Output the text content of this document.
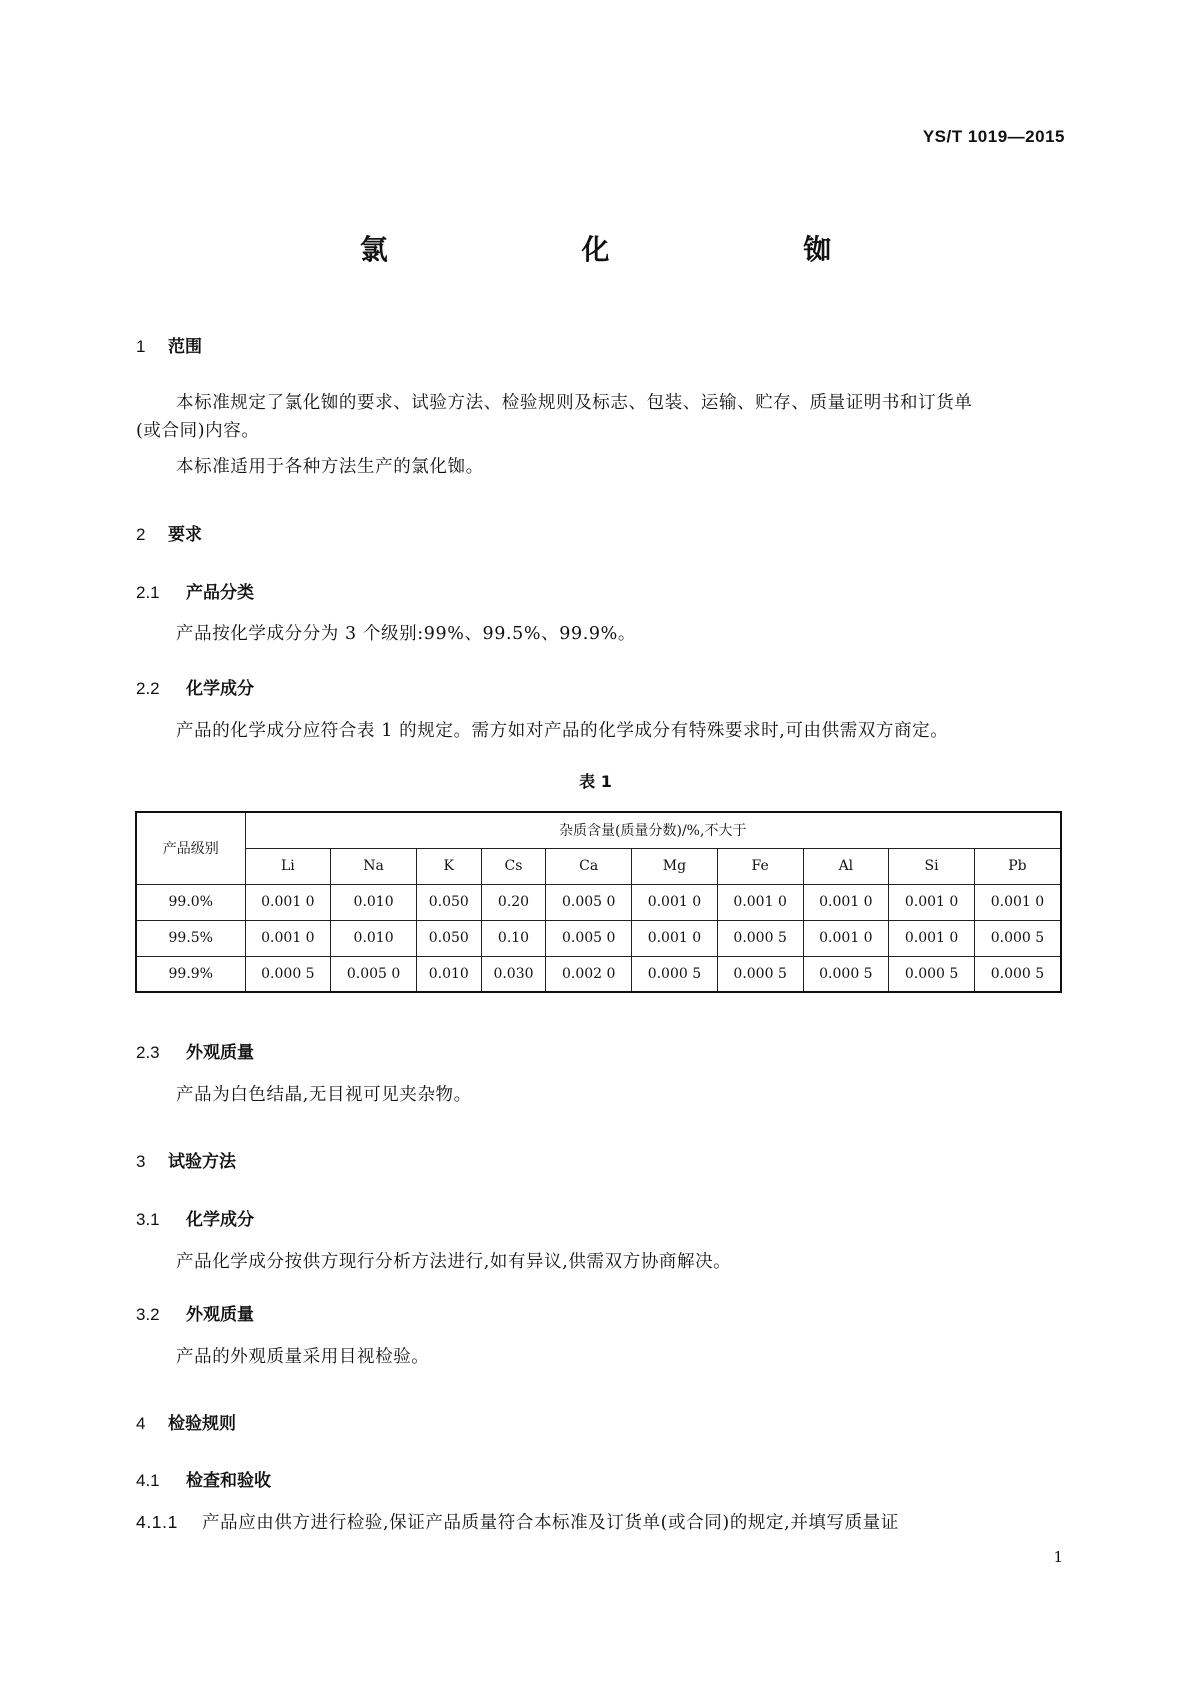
YS/T 1019—2015
氯 化 铷
1 范围
本标准规定了氯化铷的要求、试验方法、检验规则及标志、包装、运输、贮存、质量证明书和订货单
(或合同)内容。
本标准适用于各种方法生产的氯化铷。
2 要求
2.1 产品分类
产品按化学成分分为 3 个级别:99%、99.5%、99.9%。
2.2 化学成分
产品的化学成分应符合表 1 的规定。需方如对产品的化学成分有特殊要求时,可由供需双方商定。
表 1
产品级别	杂质含量(质量分数)/%,不大于									
	Li	Na	K	Cs	Ca	Mg	Fe	Al	Si	Pb
99.0%	0.001 0	0.010	0.050	0.20	0.005 0	0.001 0	0.001 0	0.001 0	0.001 0	0.001 0
99.5%	0.001 0	0.010	0.050	0.10	0.005 0	0.001 0	0.000 5	0.001 0	0.001 0	0.000 5
99.9%	0.000 5	0.005 0	0.010	0.030	0.002 0	0.000 5	0.000 5	0.000 5	0.000 5	0.000 5
2.3 外观质量
产品为白色结晶,无目视可见夹杂物。
3 试验方法
3.1 化学成分
产品化学成分按供方现行分析方法进行,如有异议,供需双方协商解决。
3.2 外观质量
产品的外观质量采用目视检验。
4 检验规则
4.1 检查和验收
4.1.1 产品应由供方进行检验,保证产品质量符合本标准及订货单(或合同)的规定,并填写质量证
1
